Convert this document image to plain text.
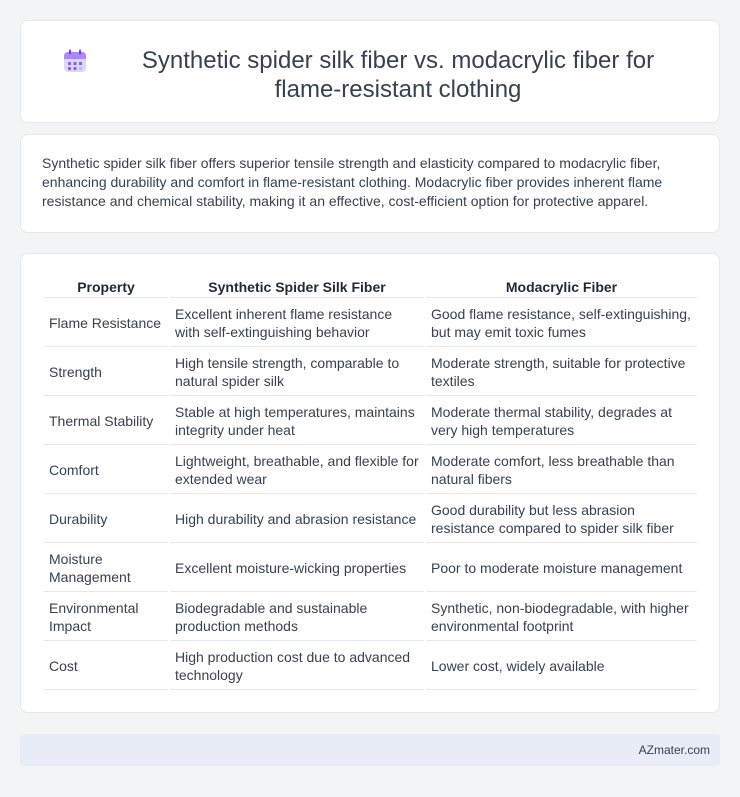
Synthetic spider silk fiber vs. modacrylic fiber for flame-resistant clothing

Synthetic spider silk fiber offers superior tensile strength and elasticity compared to modacrylic fiber, enhancing durability and comfort in flame-resistant clothing. Modacrylic fiber provides inherent flame resistance and chemical stability, making it an effective, cost-efficient option for protective apparel.

Property	Synthetic Spider Silk Fiber	Modacrylic Fiber
Flame Resistance	Excellent inherent flame resistance with self-extinguishing behavior	Good flame resistance, self-extinguishing, but may emit toxic fumes
Strength	High tensile strength, comparable to natural spider silk	Moderate strength, suitable for protective textiles
Thermal Stability	Stable at high temperatures, maintains integrity under heat	Moderate thermal stability, degrades at very high temperatures
Comfort	Lightweight, breathable, and flexible for extended wear	Moderate comfort, less breathable than natural fibers
Durability	High durability and abrasion resistance	Good durability but less abrasion resistance compared to spider silk fiber
Moisture Management	Excellent moisture-wicking properties	Poor to moderate moisture management
Environmental Impact	Biodegradable and sustainable production methods	Synthetic, non-biodegradable, with higher environmental footprint
Cost	High production cost due to advanced technology	Lower cost, widely available
AZmater.com
